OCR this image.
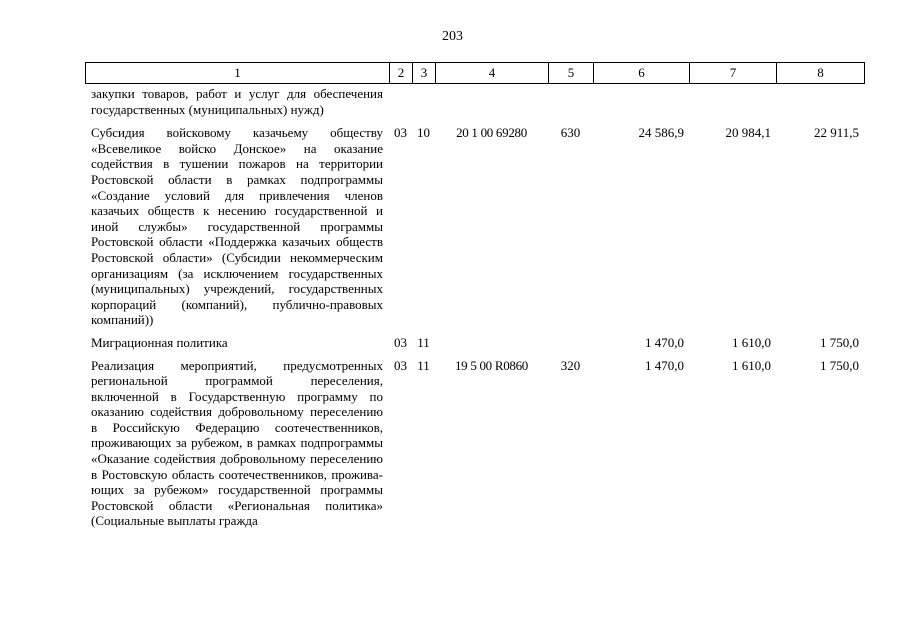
203
1	2	3	4	5	6	7	8
закупки товаров, работ и услуг для обеспечения государственных (муниципальных) нужд)							
Субсидия войсковому казачьему обществу «Всевеликое войско Донское» на оказание содействия в тушении пожаров на территории Ростовской области в рамках подпрограммы «Создание условий для привлечения членов казачьих обществ к несению государственной и иной службы» государственной программы Ростовской области «Поддержка казачьих обществ Ростовской области» (Субсидии некоммерческим организациям (за исключением государственных (муниципальных) учреждений, государственных корпораций (компаний), публично-правовых компаний))	03	10	20 1 00 69280	630	24 586,9	20 984,1	22 911,5
Миграционная политика	03	11			1 470,0	1 610,0	1 750,0
Реализация мероприятий, предусмотренных региональной программой переселения, включенной в Государственную программу по оказанию содействия добровольному переселению в Российскую Федерацию соотечественников, проживающих за рубежом, в рамках подпрограммы «Оказание содействия добровольному переселению в Ростовскую область соотечественников, проживающих за рубежом» государственной программы Ростовской области «Региональная политика» (Социальные выплаты гражда	03	11	19 5 00 R0860	320	1 470,0	1 610,0	1 750,0
